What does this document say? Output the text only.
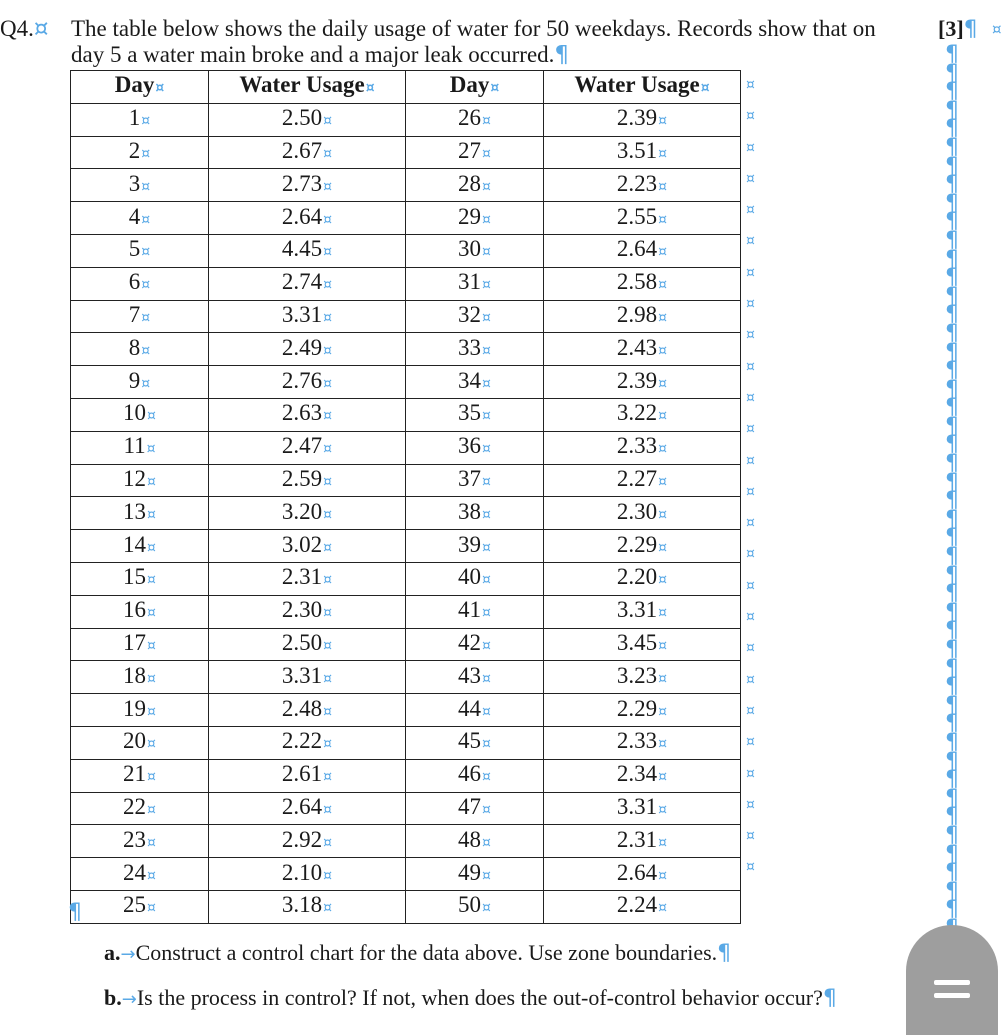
Q4.¤ The table below shows the daily usage of water for 50 weekdays. Records show that on
day 5 a water main broke and a major leak occurred.¶
[3]¶ ¤
¶
¶
¶
¶
¶
¶
¶
¶
¶
¶
¶
¶
¶
¶
¶
¶
¶
¶
¶
¶
¶
¶
¶
¶
¶
¶
¶
¶
¶
¶
¶
¶
¶
¶
¶
¶
¶
¶
¶
¶
¶
¶
¶
¶
¶
¶
¶
Day¤	Water Usage¤	Day¤	Water Usage¤
1¤	2.50¤	26¤	2.39¤
2¤	2.67¤	27¤	3.51¤
3¤	2.73¤	28¤	2.23¤
4¤	2.64¤	29¤	2.55¤
5¤	4.45¤	30¤	2.64¤
6¤	2.74¤	31¤	2.58¤
7¤	3.31¤	32¤	2.98¤
8¤	2.49¤	33¤	2.43¤
9¤	2.76¤	34¤	2.39¤
10¤	2.63¤	35¤	3.22¤
11¤	2.47¤	36¤	2.33¤
12¤	2.59¤	37¤	2.27¤
13¤	3.20¤	38¤	2.30¤
14¤	3.02¤	39¤	2.29¤
15¤	2.31¤	40¤	2.20¤
16¤	2.30¤	41¤	3.31¤
17¤	2.50¤	42¤	3.45¤
18¤	3.31¤	43¤	3.23¤
19¤	2.48¤	44¤	2.29¤
20¤	2.22¤	45¤	2.33¤
21¤	2.61¤	46¤	2.34¤
22¤	2.64¤	47¤	3.31¤
23¤	2.92¤	48¤	2.31¤
24¤	2.10¤	49¤	2.64¤
25¤	3.18¤	50¤	2.24¤
¤
¤
¤
¤
¤
¤
¤
¤
¤
¤
¤
¤
¤
¤
¤
¤
¤
¤
¤
¤
¤
¤
¤
¤
¤
¤
¶
a.→Construct a control chart for the data above. Use zone boundaries.¶
b.→Is the process in control? If not, when does the out-of-control behavior occur?¶
